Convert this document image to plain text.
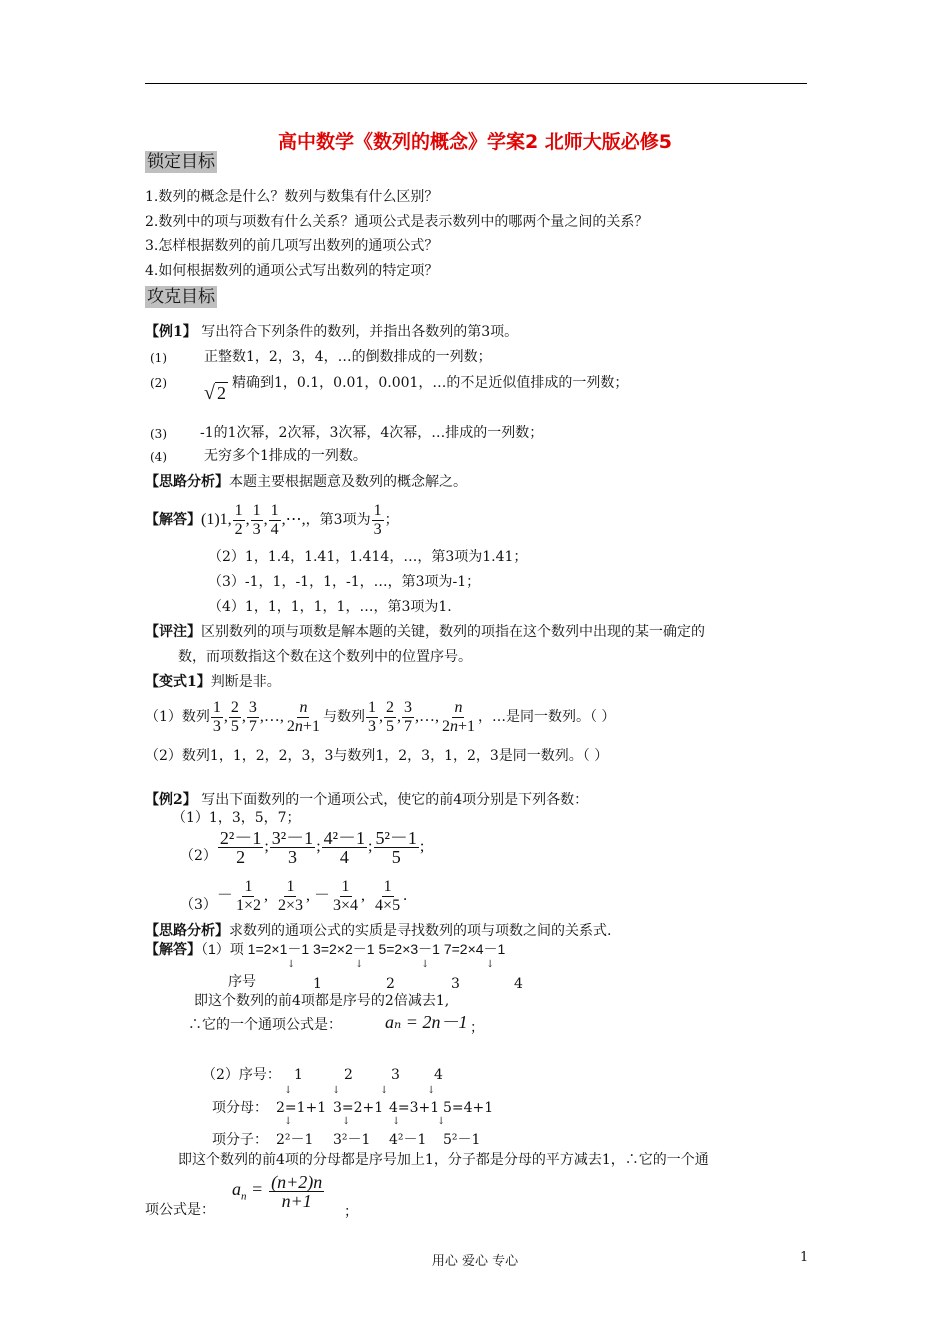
高中数学《数列的概念》学案2 北师大版必修5
锁定目标
1.数列的概念是什么？数列与数集有什么区别？
2.数列中的项与项数有什么关系？通项公式是表示数列中的哪两个量之间的关系？
3.怎样根据数列的前几项写出数列的通项公式？
4.如何根据数列的通项公式写出数列的特定项？
攻克目标
【例1】 写出符合下列条件的数列，并指出各数列的第3项。
(1)	正整数1，2，3，4，…的倒数排成的一列数；
(2) √ 2 精确到1，0.1，0.01，0.001，…的不足近似值排成的一列数；
(3) -1的1次幂，2次幂，3次幂，4次幂，…排成的一列数；
(4)	无穷多个1排成的一列数。
【思路分析】本题主要根据题意及数列的概念解之。
【解答】 (1)1, $\frac{1}{2}$ , $\frac{1}{3}$ , $\frac{1}{4}$ ,⋯, ，第3项为 $\frac{1}{3}$ ；
（2）1，1.4，1.41，1.414，…，第3项为1.41；
（3）-1，1，-1，1，-1，…，第3项为-1；
（4）1，1，1，1，1，…，第3项为1.
【评注】区别数列的项与项数是解本题的关键，数列的项指在这个数列中出现的某一确定的
数，而项数指这个数在这个数列中的位置序号。
【变式1】判断是非。
（1）数列 $\frac{1}{3}$ , $\frac{2}{5}$ , $\frac{3}{7}$ ,…, $\frac{n}{2n+1}$ 与数列 $\frac{1}{3}$ , $\frac{2}{5}$ , $\frac{3}{7}$ ,…, $\frac{n}{2n+1}$ ，…是同一数列。（ ）
（2）数列1，1，2，2，3，3与数列1，2，3，1，2，3是同一数列。（ ）
【例2】 写出下面数列的一个通项公式，使它的前4项分别是下列各数：
（1）1，3，5，7；
$(2) \frac{\text{2²－1}}{2}$ ; $\frac{\text{3²－1}}{3}$ ; $\frac{\text{4²－1}}{4}$ ; $\frac{\text{5²－1}}{5}$ ;
（3）
－ $\frac{1}{1\times 2}$ , $\frac{1}{2\times 3}$ , － $\frac{1}{3\times 4}$ , $\frac{1}{4\times 5}$ .
【思路分析】求数列的通项公式的实质是寻找数列的项与项数之间的关系式.
【解答】（1）项 1=2×1－1 3=2×2－1 5=2×3－1 7=2×4－1
↓	↓	↓	↓
序号	1	2	3	4
即这个数列的前4项都是序号的2倍减去1,
∴它的一个通项公式是： aₙ = 2n－1 ；
（2）序号： 1	2	3 4
↓	↓	↓	↓
项分母： 2=1+1 3=2+1 4=3+1 5=4+1
↓	↓	↓	↓
项分子： 2²－1 3²－1 4²－1 5²－1
即这个数列的前4项的分母都是序号加上1，分子都是分母的平方减去1，∴它的一个通
项公式是：
$a_n = \frac{(n+2)n}{n+1}$
；
用心 爱心 专心	1
